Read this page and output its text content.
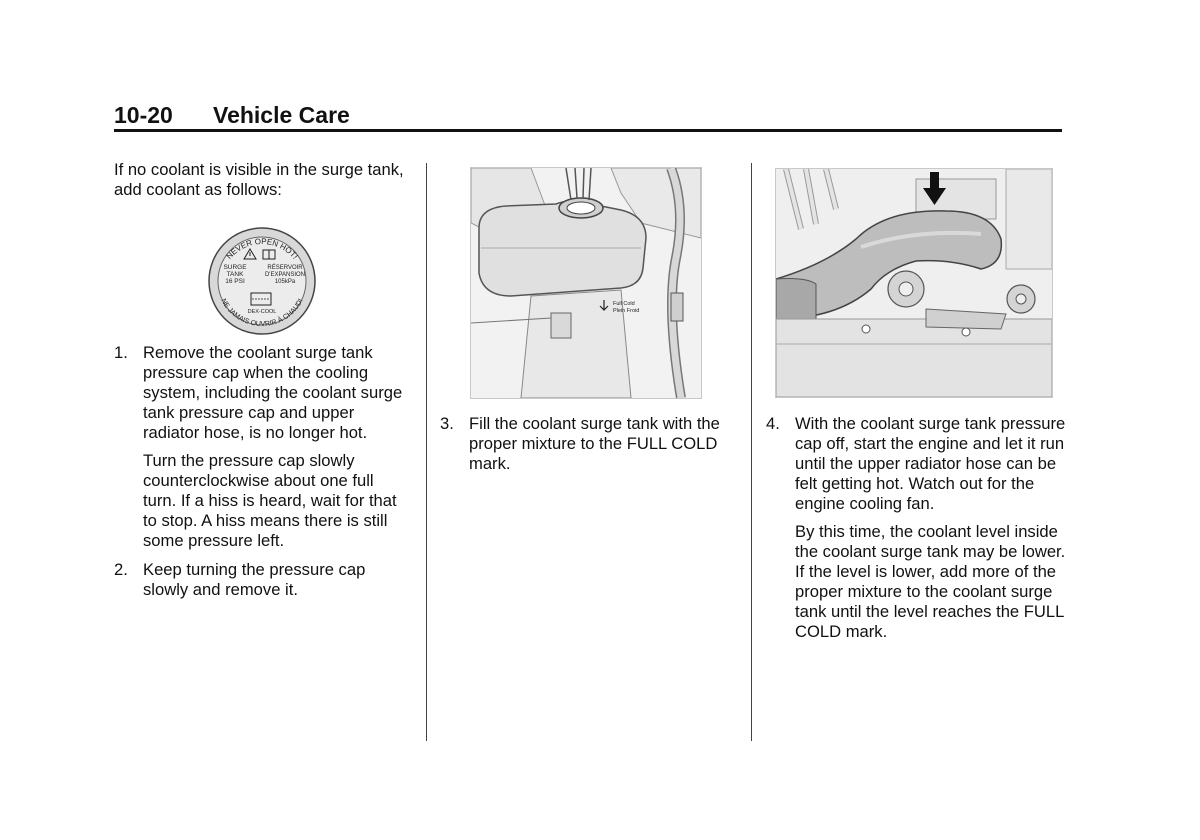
10-20 Vehicle Care

If no coolant is visible in the surge tank, add coolant as follows:

NEVER OPEN HOT!
NE JAMAIS OUVRIR À CHAUD!
SURGE
TANK
16 PSI
RÉSERVOIR
D'EXPANSION
105kPa
DEX-COOL
1. Remove the coolant surge tank pressure cap when the cooling system, including the coolant surge tank pressure cap and upper radiator hose, is no longer hot.

Turn the pressure cap slowly counterclockwise about one full turn. If a hiss is heard, wait for that to stop. A hiss means there is still some pressure left.

2. Keep turning the pressure cap slowly and remove it.

Full Cold
Plein Froid
3. Fill the coolant surge tank with the proper mixture to the FULL COLD mark.

4. With the coolant surge tank pressure cap off, start the engine and let it run until the upper radiator hose can be felt getting hot. Watch out for the engine cooling fan.

By this time, the coolant level inside the coolant surge tank may be lower. If the level is lower, add more of the proper mixture to the coolant surge tank until the level reaches the FULL COLD mark.
